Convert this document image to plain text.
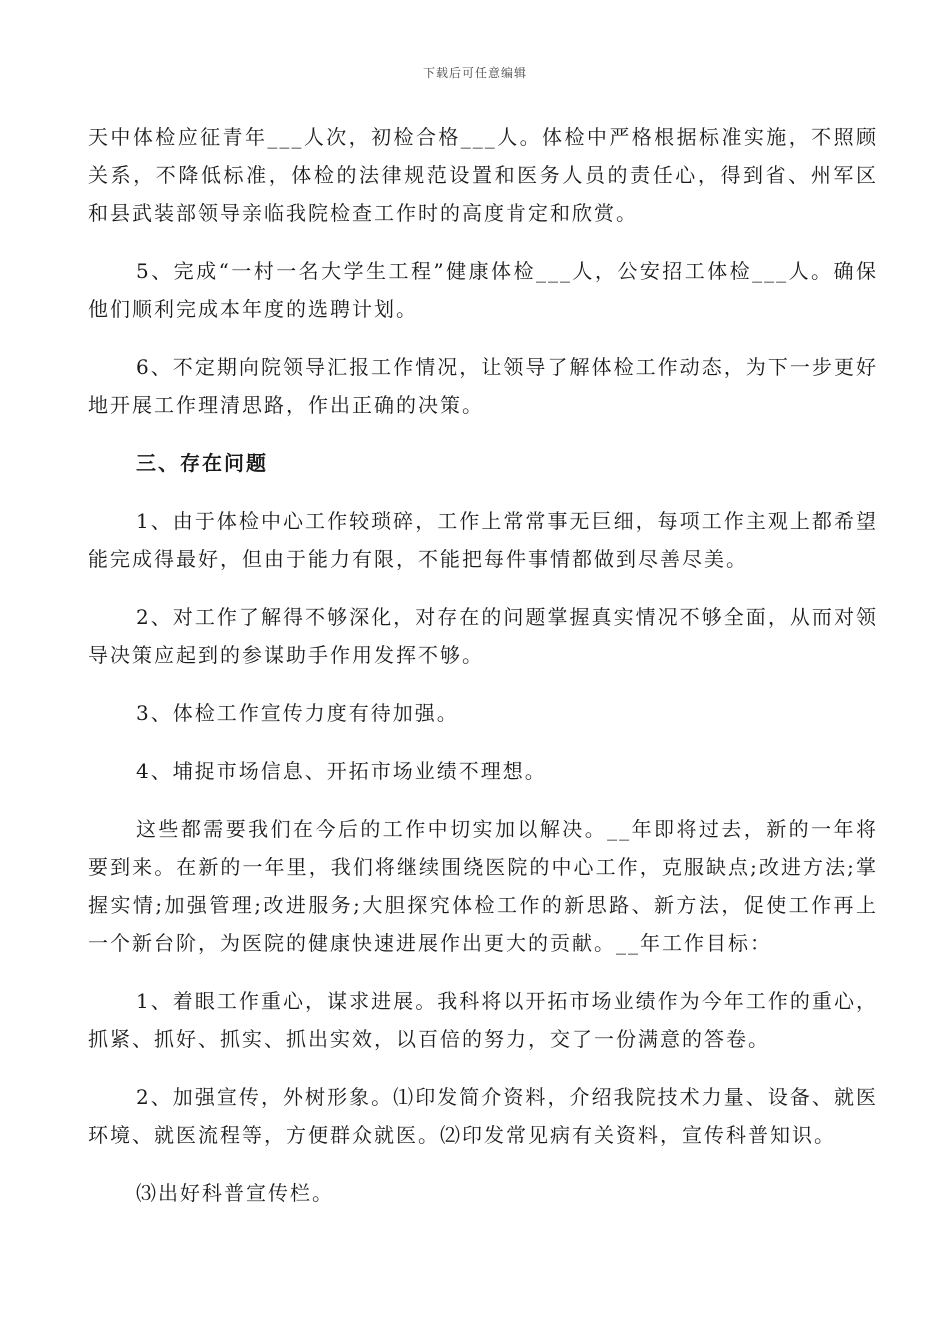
下载后可任意编辑

天中体检应征青年___人次，初检合格___人。体检中严格根据标准实施，不照顾关系，不降低标准，体检的法律规范设置和医务人员的责任心，得到省、州军区和县武装部领导亲临我院检查工作时的高度肯定和欣赏。

5、完成“一村一名大学生工程”健康体检___人，公安招工体检___人。确保他们顺利完成本年度的选聘计划。

6、不定期向院领导汇报工作情况，让领导了解体检工作动态，为下一步更好地开展工作理清思路，作出正确的决策。

三、存在问题

1、由于体检中心工作较琐碎，工作上常常事无巨细，每项工作主观上都希望能完成得最好，但由于能力有限，不能把每件事情都做到尽善尽美。

2、对工作了解得不够深化，对存在的问题掌握真实情况不够全面，从而对领导决策应起到的参谋助手作用发挥不够。

3、体检工作宣传力度有待加强。

4、埔捉市场信息、开拓市场业绩不理想。

这些都需要我们在今后的工作中切实加以解决。__年即将过去，新的一年将要到来。在新的一年里，我们将继续围绕医院的中心工作，克服缺点;改进方法;掌握实情;加强管理;改进服务;大胆探究体检工作的新思路、新方法，促使工作再上一个新台阶，为医院的健康快速进展作出更大的贡献。__年工作目标：

1、着眼工作重心，谋求进展。我科将以开拓市场业绩作为今年工作的重心，抓紧、抓好、抓实、抓出实效，以百倍的努力，交了一份满意的答卷。

2、加强宣传，外树形象。⑴印发简介资料，介绍我院技术力量、设备、就医环境、就医流程等，方便群众就医。⑵印发常见病有关资料，宣传科普知识。

⑶出好科普宣传栏。
